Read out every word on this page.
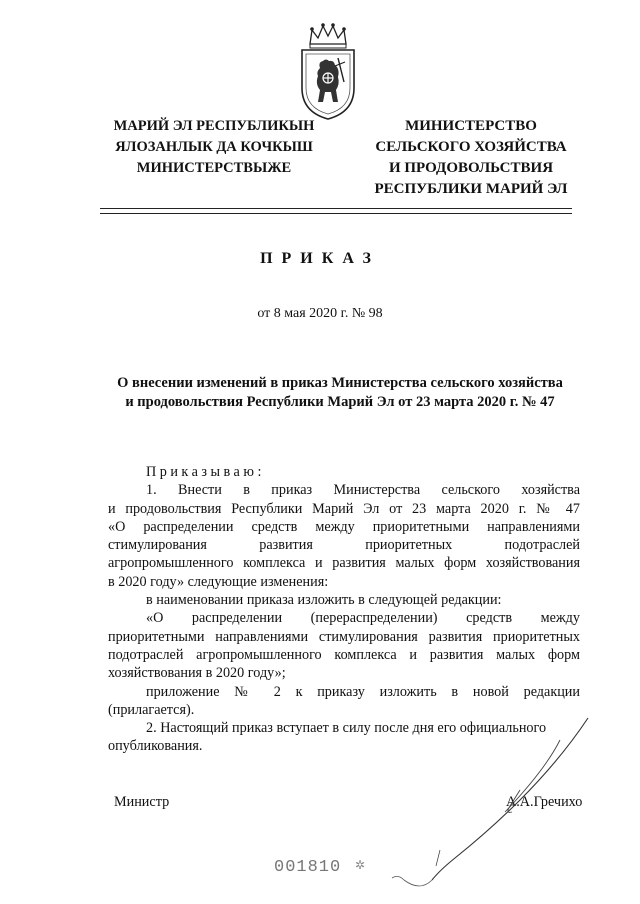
МАРИЙ ЭЛ РЕСПУБЛИКЫН
ЯЛОЗАНЛЫК ДА КОЧКЫШ
МИНИСТЕРСТВЫЖЕ
МИНИСТЕРСТВО
СЕЛЬСКОГО ХОЗЯЙСТВА
И ПРОДОВОЛЬСТВИЯ
РЕСПУБЛИКИ МАРИЙ ЭЛ
ПРИКАЗ
от 8 мая 2020 г. № 98
О внесении изменений в приказ Министерства сельского хозяйства
и продовольствия Республики Марий Эл от 23 марта 2020 г. № 47

Приказываю:

1. Внести в приказ Министерства сельского хозяйства

и продовольствия Республики Марий Эл от 23 марта 2020 г. № 47

«О распределении средств между приоритетными направлениями

стимулирования развития приоритетных подотраслей

агропромышленного комплекса и развития малых форм хозяйствования

в 2020 году» следующие изменения:

в наименовании приказа изложить в следующей редакции:

«О распределении (перераспределении) средств между

приоритетными направлениями стимулирования развития приоритетных

подотраслей агропромышленного комплекса и развития малых форм

хозяйствования в 2020 году»;

приложение № 2 к приказу изложить в новой редакции

(прилагается).

2. Настоящий приказ вступает в силу после дня его официального

опубликования.

Министр	А.А.Гречихо
001810 ✲
